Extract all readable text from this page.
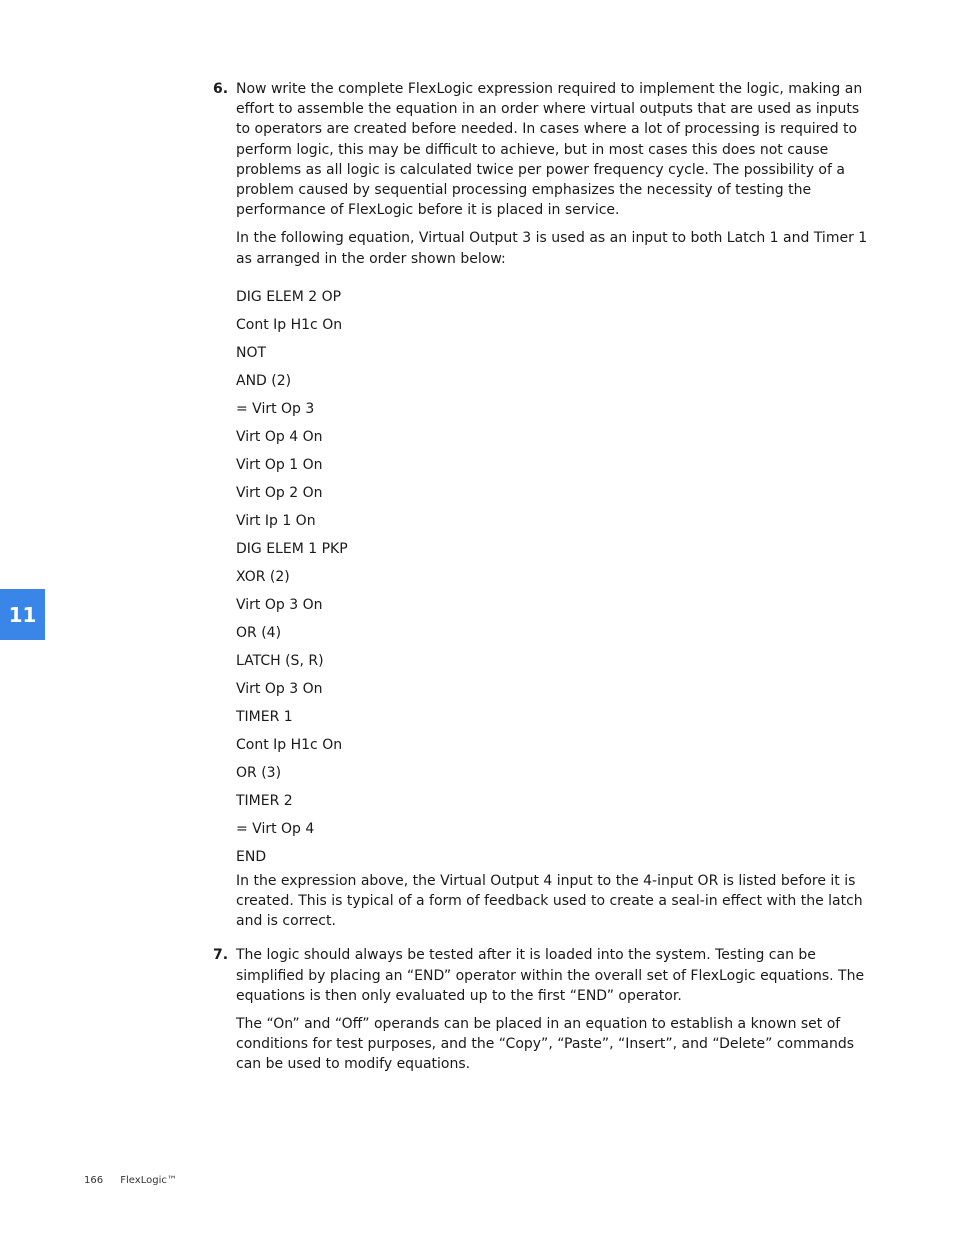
6. Now write the complete FlexLogic expression required to implement the logic, making an effort to assemble the equation in an order where virtual outputs that are used as inputs to operators are created before needed. In cases where a lot of processing is required to perform logic, this may be difficult to achieve, but in most cases this does not cause problems as all logic is calculated twice per power frequency cycle. The possibility of a problem caused by sequential processing emphasizes the necessity of testing the performance of FlexLogic before it is placed in service.

In the following equation, Virtual Output 3 is used as an input to both Latch 1 and Timer 1 as arranged in the order shown below:

DIG ELEM 2 OP
Cont Ip H1c On
NOT
AND (2)
= Virt Op 3
Virt Op 4 On
Virt Op 1 On
Virt Op 2 On
Virt Ip 1 On
DIG ELEM 1 PKP
XOR (2)
Virt Op 3 On
OR (4)
LATCH (S, R)
Virt Op 3 On
TIMER 1
Cont Ip H1c On
OR (3)
TIMER 2
= Virt Op 4
END

In the expression above, the Virtual Output 4 input to the 4-input OR is listed before it is created. This is typical of a form of feedback used to create a seal-in effect with the latch and is correct.

7. The logic should always be tested after it is loaded into the system. Testing can be simplified by placing an “END” operator within the overall set of FlexLogic equations. The equations is then only evaluated up to the first “END” operator.

The “On” and “Off” operands can be placed in an equation to establish a known set of conditions for test purposes, and the “Copy”, “Paste”, “Insert”, and “Delete” commands can be used to modify equations.

11
166 FlexLogic™
